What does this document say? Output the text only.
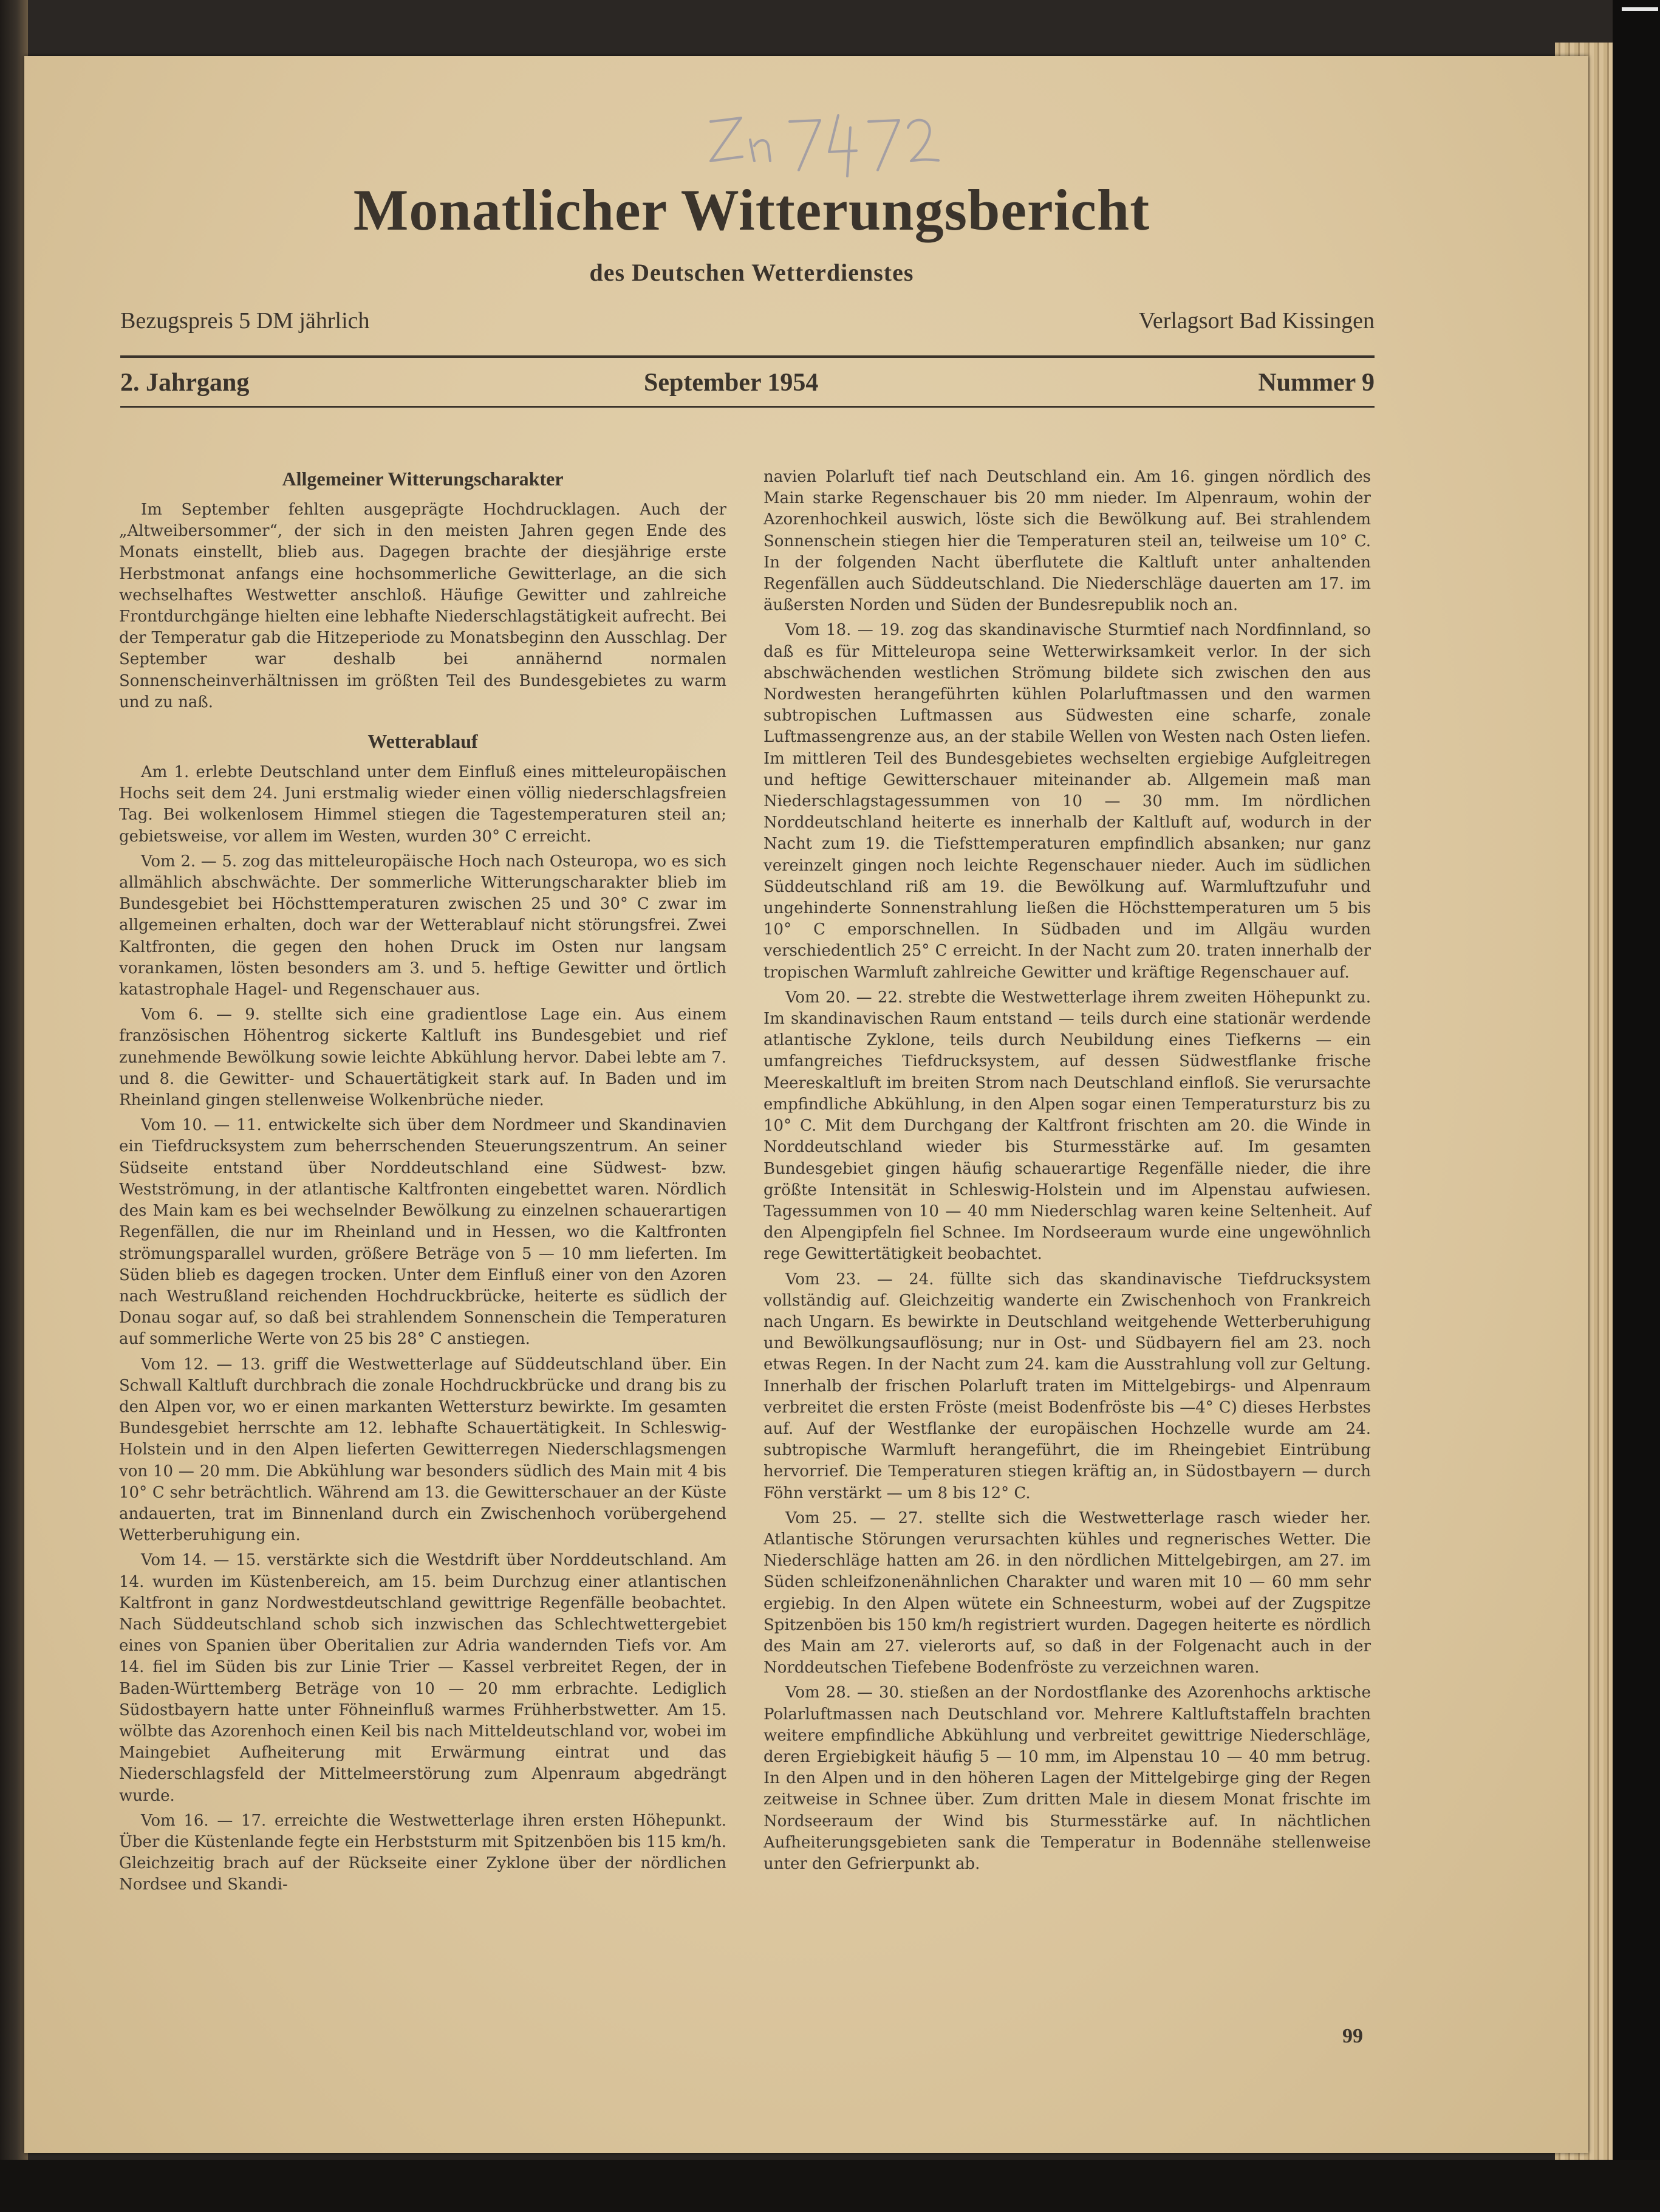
Monatlicher Witterungsbericht
des Deutschen Wetterdienstes
Bezugspreis 5 DM jährlich	Verlagsort Bad Kissingen
2. Jahrgang	September 1954	Nummer 9
Allgemeiner Witterungscharakter

Im September fehlten ausgeprägte Hochdrucklagen. Auch der „Altweibersommer“, der sich in den meisten Jahren gegen Ende des Monats einstellt, blieb aus. Dagegen brachte der diesjährige erste Herbstmonat anfangs eine hochsommerliche Gewitterlage, an die sich wechselhaftes Westwetter anschloß. Häufige Gewitter und zahlreiche Frontdurchgänge hielten eine lebhafte Niederschlagstätigkeit aufrecht. Bei der Temperatur gab die Hitzeperiode zu Monatsbeginn den Ausschlag. Der September war deshalb bei annähernd normalen Sonnenscheinverhältnissen im größten Teil des Bundesgebietes zu warm und zu naß.

Wetterablauf

Am 1. erlebte Deutschland unter dem Einfluß eines mitteleuropäischen Hochs seit dem 24. Juni erstmalig wieder einen völlig niederschlagsfreien Tag. Bei wolkenlosem Himmel stiegen die Tagestemperaturen steil an; gebietsweise, vor allem im Westen, wurden 30° C erreicht.

Vom 2. — 5. zog das mitteleuropäische Hoch nach Osteuropa, wo es sich allmählich abschwächte. Der sommerliche Witterungscharakter blieb im Bundesgebiet bei Höchsttemperaturen zwischen 25 und 30° C zwar im allgemeinen erhalten, doch war der Wetterablauf nicht störungsfrei. Zwei Kaltfronten, die gegen den hohen Druck im Osten nur langsam vorankamen, lösten besonders am 3. und 5. heftige Gewitter und örtlich katastrophale Hagel- und Regenschauer aus.

Vom 6. — 9. stellte sich eine gradientlose Lage ein. Aus einem französischen Höhentrog sickerte Kaltluft ins Bundesgebiet und rief zunehmende Bewölkung sowie leichte Abkühlung hervor. Dabei lebte am 7. und 8. die Gewitter- und Schauertätigkeit stark auf. In Baden und im Rheinland gingen stellenweise Wolkenbrüche nieder.

Vom 10. — 11. entwickelte sich über dem Nordmeer und Skandinavien ein Tiefdrucksystem zum beherrschenden Steuerungszentrum. An seiner Südseite entstand über Norddeutschland eine Südwest- bzw. Westströmung, in der atlantische Kaltfronten eingebettet waren. Nördlich des Main kam es bei wechselnder Bewölkung zu einzelnen schauerartigen Regenfällen, die nur im Rheinland und in Hessen, wo die Kaltfronten strömungsparallel wurden, größere Beträge von 5 — 10 mm lieferten. Im Süden blieb es dagegen trocken. Unter dem Einfluß einer von den Azoren nach Westrußland reichenden Hochdruckbrücke, heiterte es südlich der Donau sogar auf, so daß bei strahlendem Sonnenschein die Temperaturen auf sommerliche Werte von 25 bis 28° C anstiegen.

Vom 12. — 13. griff die Westwetterlage auf Süddeutschland über. Ein Schwall Kaltluft durchbrach die zonale Hochdruckbrücke und drang bis zu den Alpen vor, wo er einen markanten Wettersturz bewirkte. Im gesamten Bundesgebiet herrschte am 12. lebhafte Schauertätigkeit. In Schleswig-Holstein und in den Alpen lieferten Gewitterregen Niederschlagsmengen von 10 — 20 mm. Die Abkühlung war besonders südlich des Main mit 4 bis 10° C sehr beträchtlich. Während am 13. die Gewitterschauer an der Küste andauerten, trat im Binnenland durch ein Zwischenhoch vorübergehend Wetterberuhigung ein.

Vom 14. — 15. verstärkte sich die Westdrift über Norddeutschland. Am 14. wurden im Küstenbereich, am 15. beim Durchzug einer atlantischen Kaltfront in ganz Nordwestdeutschland gewittrige Regenfälle beobachtet. Nach Süddeutschland schob sich inzwischen das Schlechtwettergebiet eines von Spanien über Oberitalien zur Adria wandernden Tiefs vor. Am 14. fiel im Süden bis zur Linie Trier — Kassel verbreitet Regen, der in Baden-Württemberg Beträge von 10 — 20 mm erbrachte. Lediglich Südostbayern hatte unter Föhneinfluß warmes Frühherbstwetter. Am 15. wölbte das Azorenhoch einen Keil bis nach Mitteldeutschland vor, wobei im Maingebiet Aufheiterung mit Erwärmung eintrat und das Niederschlagsfeld der Mittelmeerstörung zum Alpenraum abgedrängt wurde.

Vom 16. — 17. erreichte die Westwetterlage ihren ersten Höhepunkt. Über die Küstenlande fegte ein Herbststurm mit Spitzenböen bis 115 km/h. Gleichzeitig brach auf der Rückseite einer Zyklone über der nördlichen Nordsee und Skandi-

navien Polarluft tief nach Deutschland ein. Am 16. gingen nördlich des Main starke Regenschauer bis 20 mm nieder. Im Alpenraum, wohin der Azorenhochkeil auswich, löste sich die Bewölkung auf. Bei strahlendem Sonnenschein stiegen hier die Temperaturen steil an, teilweise um 10° C. In der folgenden Nacht überflutete die Kaltluft unter anhaltenden Regenfällen auch Süddeutschland. Die Niederschläge dauerten am 17. im äußersten Norden und Süden der Bundesrepublik noch an.

Vom 18. — 19. zog das skandinavische Sturmtief nach Nordfinnland, so daß es für Mitteleuropa seine Wetterwirksamkeit verlor. In der sich abschwächenden westlichen Strömung bildete sich zwischen den aus Nordwesten herangeführten kühlen Polarluftmassen und den warmen subtropischen Luftmassen aus Südwesten eine scharfe, zonale Luftmassengrenze aus, an der stabile Wellen von Westen nach Osten liefen. Im mittleren Teil des Bundesgebietes wechselten ergiebige Aufgleitregen und heftige Gewitterschauer miteinander ab. Allgemein maß man Niederschlagstagessummen von 10 — 30 mm. Im nördlichen Norddeutschland heiterte es innerhalb der Kaltluft auf, wodurch in der Nacht zum 19. die Tiefsttemperaturen empfindlich absanken; nur ganz vereinzelt gingen noch leichte Regenschauer nieder. Auch im südlichen Süddeutschland riß am 19. die Bewölkung auf. Warmluftzufuhr und ungehinderte Sonnenstrahlung ließen die Höchsttemperaturen um 5 bis 10° C emporschnellen. In Südbaden und im Allgäu wurden verschiedentlich 25° C erreicht. In der Nacht zum 20. traten innerhalb der tropischen Warmluft zahlreiche Gewitter und kräftige Regenschauer auf.

Vom 20. — 22. strebte die Westwetterlage ihrem zweiten Höhepunkt zu. Im skandinavischen Raum entstand — teils durch eine stationär werdende atlantische Zyklone, teils durch Neubildung eines Tiefkerns — ein umfangreiches Tiefdrucksystem, auf dessen Südwestflanke frische Meereskaltluft im breiten Strom nach Deutschland einfloß. Sie verursachte empfindliche Abkühlung, in den Alpen sogar einen Temperatursturz bis zu 10° C. Mit dem Durchgang der Kaltfront frischten am 20. die Winde in Norddeutschland wieder bis Sturmesstärke auf. Im gesamten Bundesgebiet gingen häufig schauerartige Regenfälle nieder, die ihre größte Intensität in Schleswig-Holstein und im Alpenstau aufwiesen. Tagessummen von 10 — 40 mm Niederschlag waren keine Seltenheit. Auf den Alpengipfeln fiel Schnee. Im Nordseeraum wurde eine ungewöhnlich rege Gewittertätigkeit beobachtet.

Vom 23. — 24. füllte sich das skandinavische Tiefdrucksystem vollständig auf. Gleichzeitig wanderte ein Zwischenhoch von Frankreich nach Ungarn. Es bewirkte in Deutschland weitgehende Wetterberuhigung und Bewölkungsauflösung; nur in Ost- und Südbayern fiel am 23. noch etwas Regen. In der Nacht zum 24. kam die Ausstrahlung voll zur Geltung. Innerhalb der frischen Polarluft traten im Mittelgebirgs- und Alpenraum verbreitet die ersten Fröste (meist Bodenfröste bis —4° C) dieses Herbstes auf. Auf der Westflanke der europäischen Hochzelle wurde am 24. subtropische Warmluft herangeführt, die im Rheingebiet Eintrübung hervorrief. Die Temperaturen stiegen kräftig an, in Südostbayern — durch Föhn verstärkt — um 8 bis 12° C.

Vom 25. — 27. stellte sich die Westwetterlage rasch wieder her. Atlantische Störungen verursachten kühles und regnerisches Wetter. Die Niederschläge hatten am 26. in den nördlichen Mittelgebirgen, am 27. im Süden schleifzonenähnlichen Charakter und waren mit 10 — 60 mm sehr ergiebig. In den Alpen wütete ein Schneesturm, wobei auf der Zugspitze Spitzenböen bis 150 km/h registriert wurden. Dagegen heiterte es nördlich des Main am 27. vielerorts auf, so daß in der Folgenacht auch in der Norddeutschen Tiefebene Bodenfröste zu verzeichnen waren.

Vom 28. — 30. stießen an der Nordostflanke des Azorenhochs arktische Polarluftmassen nach Deutschland vor. Mehrere Kaltluftstaffeln brachten weitere empfindliche Abkühlung und verbreitet gewittrige Niederschläge, deren Ergiebigkeit häufig 5 — 10 mm, im Alpenstau 10 — 40 mm betrug. In den Alpen und in den höheren Lagen der Mittelgebirge ging der Regen zeitweise in Schnee über. Zum dritten Male in diesem Monat frischte im Nordseeraum der Wind bis Sturmesstärke auf. In nächtlichen Aufheiterungsgebieten sank die Temperatur in Bodennähe stellenweise unter den Gefrierpunkt ab.

99
